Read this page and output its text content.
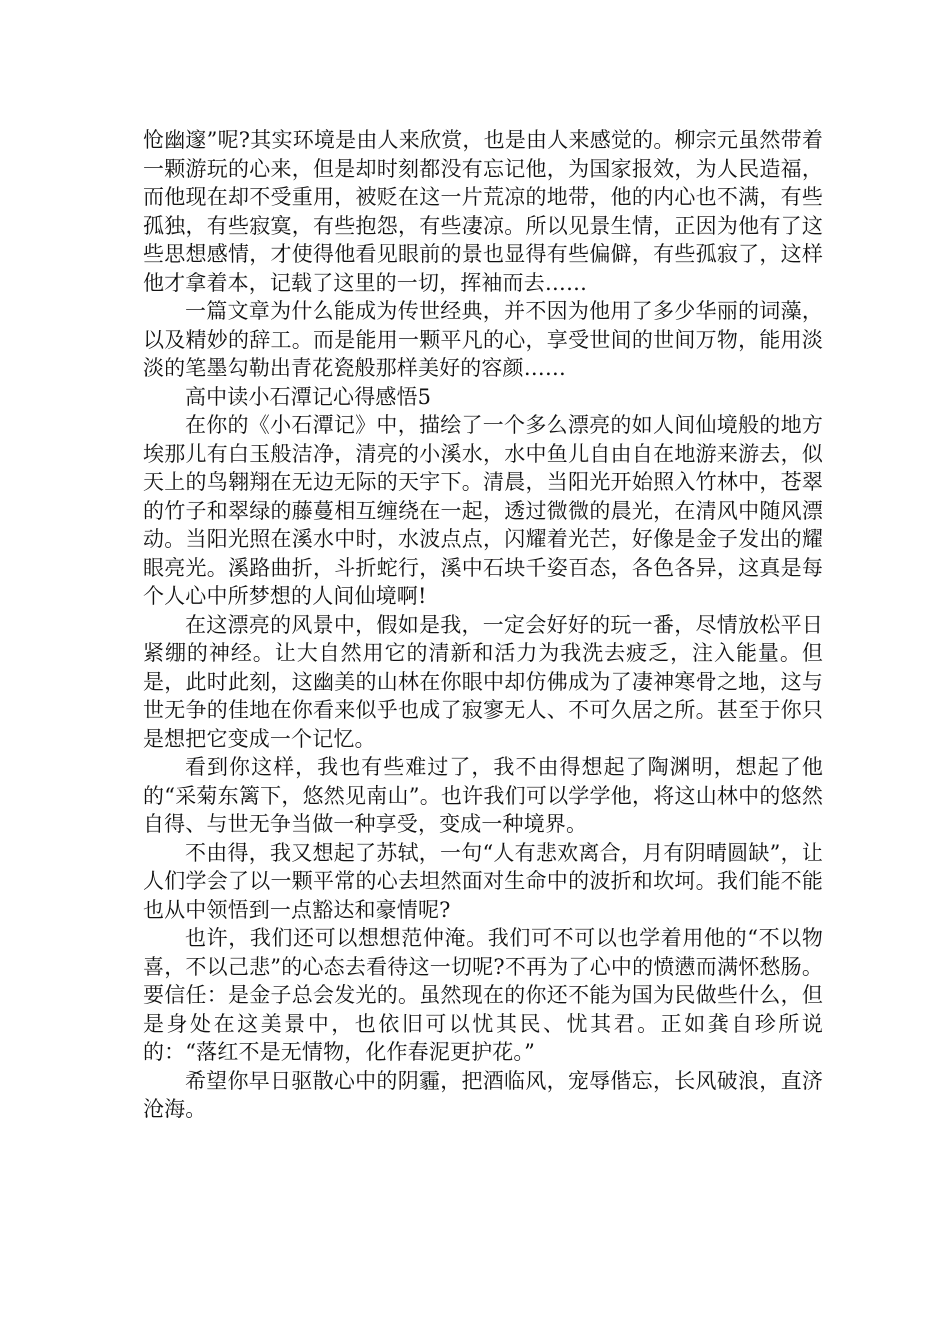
怆幽邃”呢?其实环境是由人来欣赏，也是由人来感觉的。柳宗元虽然带着一颗游玩的心来，但是却时刻都没有忘记他，为国家报效，为人民造福，而他现在却不受重用，被贬在这一片荒凉的地带，他的内心也不满，有些孤独，有些寂寞，有些抱怨，有些凄凉。所以见景生情，正因为他有了这些思想感情，才使得他看见眼前的景也显得有些偏僻，有些孤寂了，这样他才拿着本，记载了这里的一切，挥袖而去……

一篇文章为什么能成为传世经典，并不因为他用了多少华丽的词藻，以及精妙的辞工。而是能用一颗平凡的心，享受世间的世间万物，能用淡淡的笔墨勾勒出青花瓷般那样美好的容颜……

高中读小石潭记心得感悟5

在你的《小石潭记》中，描绘了一个多么漂亮的如人间仙境般的地方埃那儿有白玉般洁净，清亮的小溪水，水中鱼儿自由自在地游来游去，似天上的鸟翱翔在无边无际的天宇下。清晨，当阳光开始照入竹林中，苍翠的竹子和翠绿的藤蔓相互缠绕在一起，透过微微的晨光，在清风中随风漂动。当阳光照在溪水中时，水波点点，闪耀着光芒，好像是金子发出的耀眼亮光。溪路曲折，斗折蛇行，溪中石块千姿百态，各色各异，这真是每个人心中所梦想的人间仙境啊!

在这漂亮的风景中，假如是我，一定会好好的玩一番，尽情放松平日紧绷的神经。让大自然用它的清新和活力为我洗去疲乏，注入能量。但是，此时此刻，这幽美的山林在你眼中却仿佛成为了凄神寒骨之地，这与世无争的佳地在你看来似乎也成了寂寥无人、不可久居之所。甚至于你只是想把它变成一个记忆。

看到你这样，我也有些难过了，我不由得想起了陶渊明，想起了他的“采菊东篱下，悠然见南山”。也许我们可以学学他，将这山林中的悠然自得、与世无争当做一种享受，变成一种境界。

不由得，我又想起了苏轼，一句“人有悲欢离合，月有阴晴圆缺”，让人们学会了以一颗平常的心去坦然面对生命中的波折和坎坷。我们能不能也从中领悟到一点豁达和豪情呢?

也许，我们还可以想想范仲淹。我们可不可以也学着用他的“不以物喜，不以己悲”的心态去看待这一切呢?不再为了心中的愤懑而满怀愁肠。要信任：是金子总会发光的。虽然现在的你还不能为国为民做些什么，但是身处在这美景中，也依旧可以忧其民、忧其君。正如龚自珍所说的：“落红不是无情物，化作春泥更护花。”

希望你早日驱散心中的阴霾，把酒临风，宠辱偕忘，长风破浪，直济沧海。
